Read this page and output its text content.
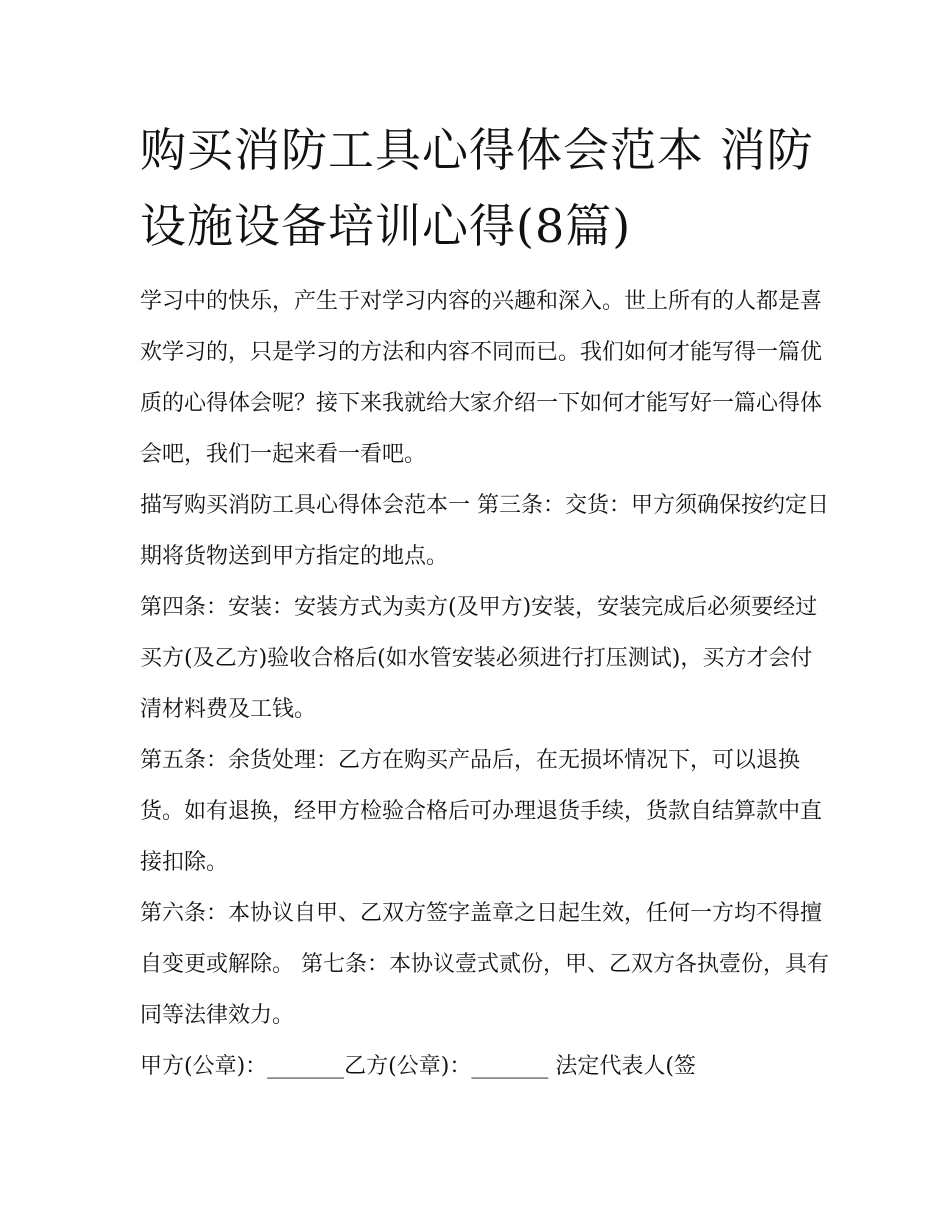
购买消防工具心得体会范本 消防设施设备培训心得(8篇)

学习中的快乐，产生于对学习内容的兴趣和深入。世上所有的人都是喜欢学习的，只是学习的方法和内容不同而已。我们如何才能写得一篇优质的心得体会呢？接下来我就给大家介绍一下如何才能写好一篇心得体会吧，我们一起来看一看吧。

描写购买消防工具心得体会范本一 第三条：交货：甲方须确保按约定日期将货物送到甲方指定的地点。

第四条：安装：安装方式为卖方(及甲方)安装，安装完成后必须要经过买方(及乙方)验收合格后(如水管安装必须进行打压测试)，买方才会付清材料费及工钱。

第五条：余货处理：乙方在购买产品后，在无损坏情况下，可以退换货。如有退换，经甲方检验合格后可办理退货手续，货款自结算款中直接扣除。

第六条：本协议自甲、乙双方签字盖章之日起生效，任何一方均不得擅自变更或解除。 第七条：本协议壹式贰份，甲、乙双方各执壹份，具有同等法律效力。

甲方(公章)：_______乙方(公章)：_______ 法定代表人(签
